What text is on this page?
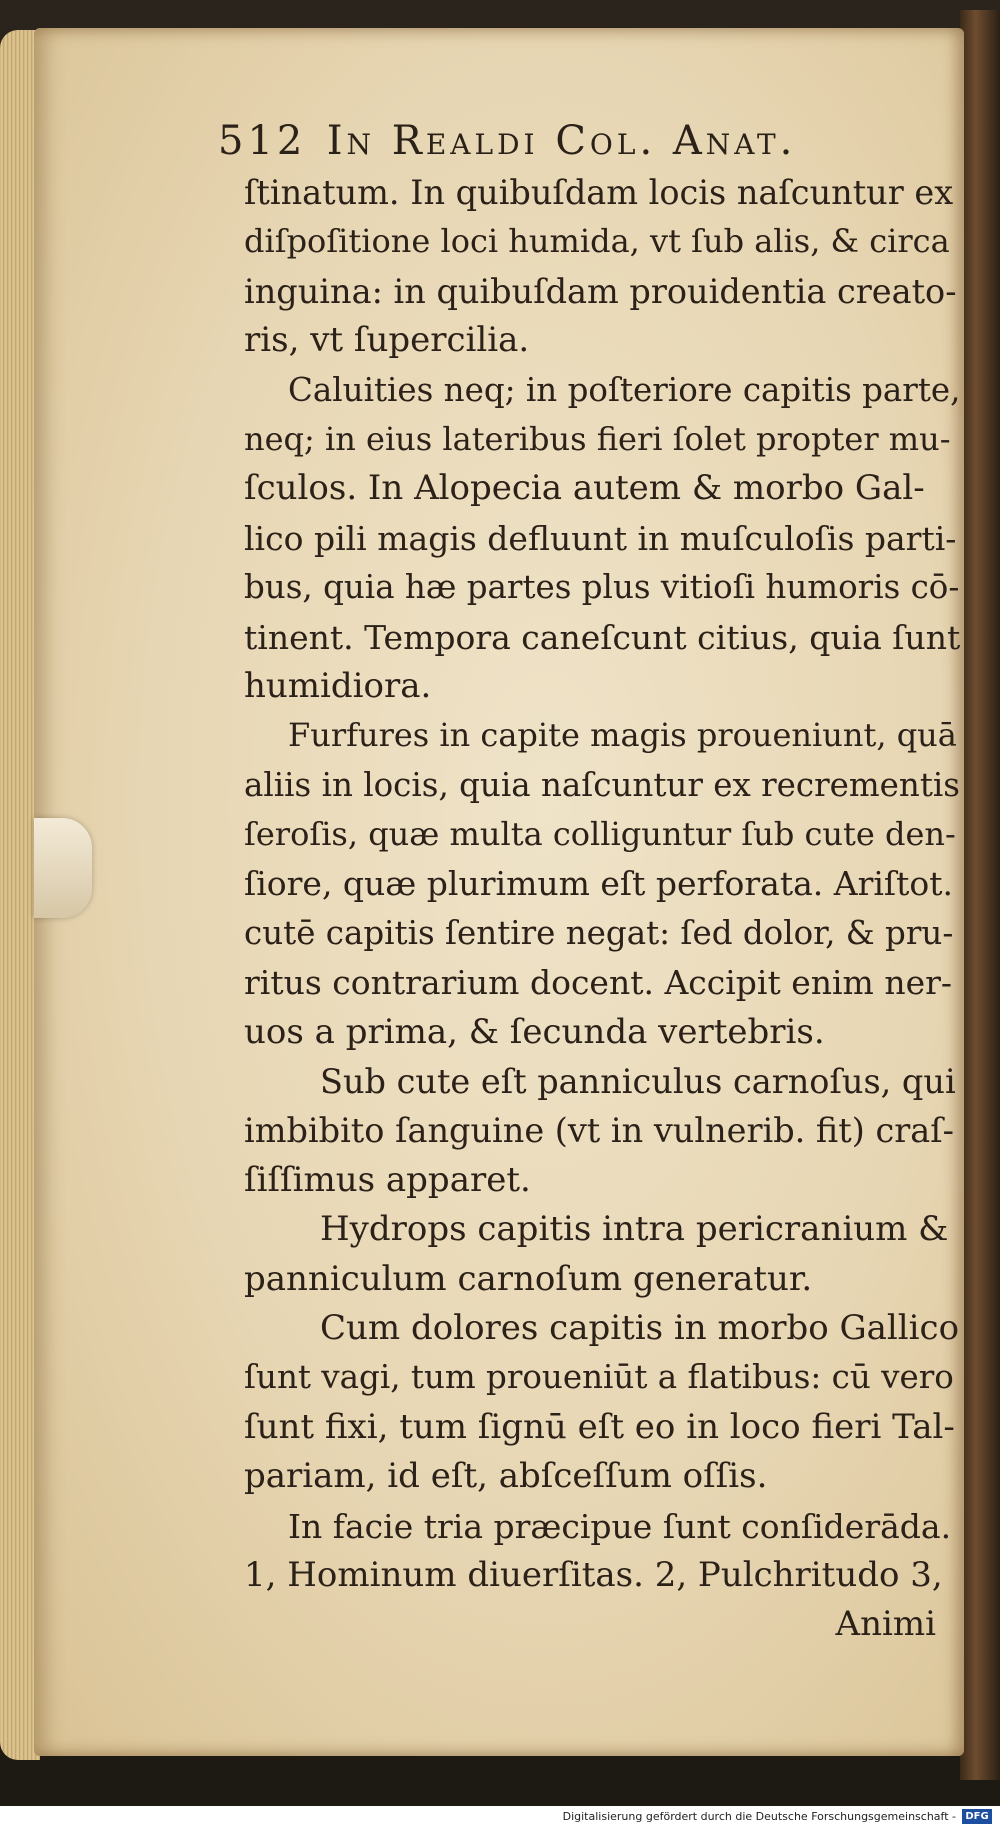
512 In Realdi Col. Anat.
ſtinatum. In quibuſdam locis naſcuntur ex
diſpoſitione loci humida, vt ſub alis, & circa
inguina: in quibuſdam prouidentia creato-
ris, vt ſupercilia.
Caluities neq; in poſteriore capitis parte,
neq; in eius lateribus fieri ſolet propter mu-
ſculos. In Alopecia autem & morbo Gal-
lico pili magis defluunt in muſculoſis parti-
bus, quia hæ partes plus vitioſi humoris cō-
tinent. Tempora caneſcunt citius, quia ſunt
humidiora.
Furfures in capite magis proueniunt, quā
aliis in locis, quia naſcuntur ex recrementis
ſeroſis, quæ multa colliguntur ſub cute den-
ſiore, quæ plurimum eſt perforata. Ariſtot.
cutē capitis ſentire negat: ſed dolor, & pru-
ritus contrarium docent. Accipit enim ner-
uos a prima, & ſecunda vertebris.
Sub cute eſt panniculus carnoſus, qui
imbibito ſanguine (vt in vulnerib. fit) craſ-
ſiſſimus apparet.
Hydrops capitis intra pericranium &
panniculum carnoſum generatur.
Cum dolores capitis in morbo Gallico
ſunt vagi, tum proueniūt a flatibus: cū vero
ſunt fixi, tum ſignū eſt eo in loco fieri Tal-
pariam, id eſt, abſceſſum oſſis.
In facie tria præcipue ſunt conſiderāda.
1, Hominum diuerſitas. 2, Pulchritudo 3,
Animi
Digitalisierung gefördert durch die Deutsche Forschungsgemeinschaft - DFG
